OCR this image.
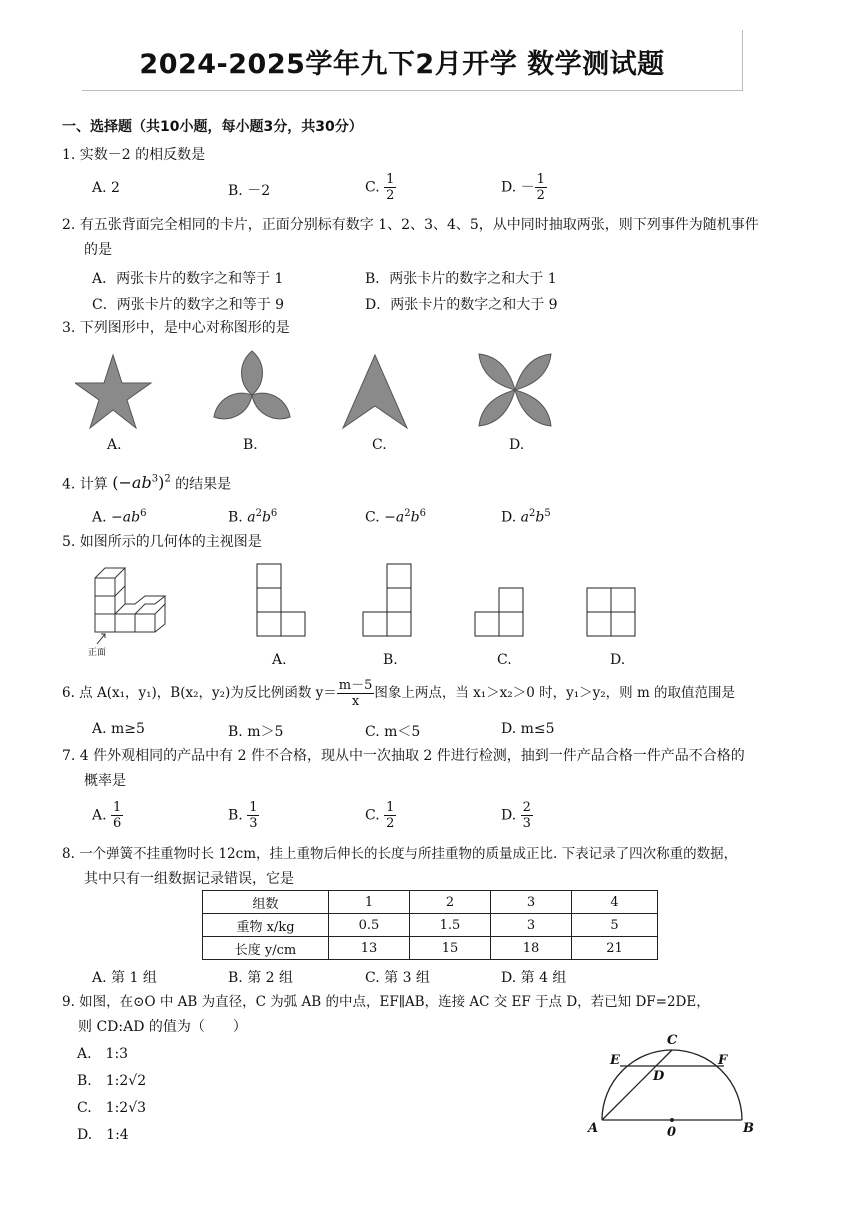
2024-2025学年九下2月开学 数学测试题
一、选择题（共10小题，每小题3分，共30分）
1. 实数－2 的相反数是
A. 2	B. －2	C. $\frac{1}{2}$	D. － $\frac{1}{2}$
2. 有五张背面完全相同的卡片，正面分别标有数字 1、2、3、4、5，从中同时抽取两张，则下列事件为随机事件
的是
A．两张卡片的数字之和等于 1	B．两张卡片的数字之和大于 1
C．两张卡片的数字之和等于 9	D．两张卡片的数字之和大于 9
3. 下列图形中，是中心对称图形的是
A.	B.	C.	D.
4. 计算 $(-ab^3)^2$ 的结果是
A. $-ab^6$	B. $a^2b^6$	C. $-a^2b^6$	D. $a^2b^5$
5. 如图所示的几何体的主视图是
正面	A.	B.	C.	D.
6. 点 A(x₁，y₁)，B(x₂，y₂)为反比例函数 $y= \frac{m-5}{x}$ 图象上两点，当 x₁＞x₂＞0 时，y₁＞y₂，则 m 的取值范围是
A. m≥5	B. m＞5	C. m＜5	D. m≤5
7. 4 件外观相同的产品中有 2 件不合格，现从中一次抽取 2 件进行检测，抽到一件产品合格一件产品不合格的
概率是
A. $\frac{1}{6}$	B. $\frac{1}{3}$	C. $\frac{1}{2}$	D. $\frac{2}{3}$
8. 一个弹簧不挂重物时长 12cm，挂上重物后伸长的长度与所挂重物的质量成正比. 下表记录了四次称重的数据，
其中只有一组数据记录错误，它是
组数	1	2	3	4
重物 x/kg	0.5	1.5	3	5
长度 y/cm	13	15	18	21
A. 第 1 组	B. 第 2 组	C. 第 3 组	D. 第 4 组
9. 如图，在⊙O 中 AB 为直径，C 为弧 AB 的中点，EF∥AB，连接 AC 交 EF 于点 D，若已知 DF=2DE，
则 CD:AD 的值为（　　）
A.　1:3
B.　1:2√2
C.　1:2√3
D.　1:4
C
E	F
D
A	0	B
